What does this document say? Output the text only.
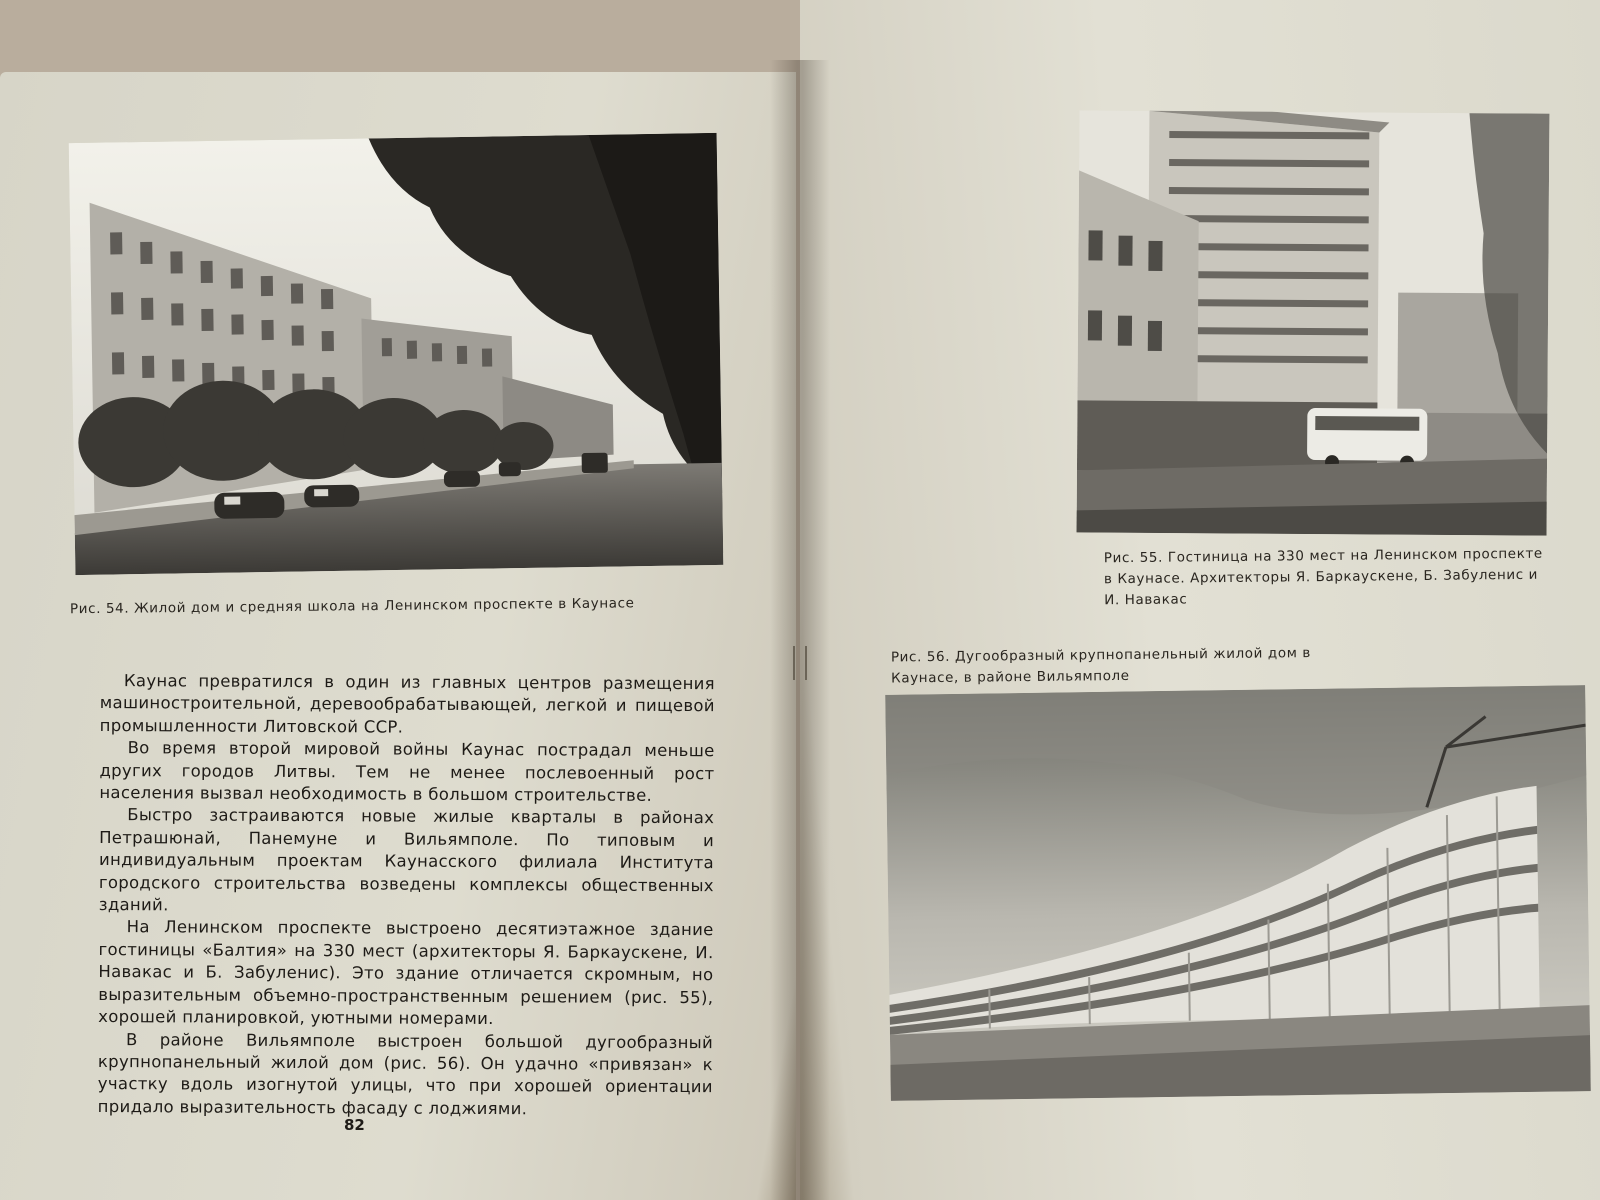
Рис. 54. Жилой дом и средняя школа на Ленинском проспекте в Каунасе

Каунас превратился в один из главных центров размещения машиностроительной, деревообрабатывающей, легкой и пищевой промышленности Литовской ССР.

Во время второй мировой войны Каунас пострадал меньше других городов Литвы. Тем не менее послевоенный рост населения вызвал необходимость в большом строительстве.

Быстро застраиваются новые жилые кварталы в районах Петрашюнай, Панемуне и Вильямполе. По типовым и индивидуальным проектам Каунасского филиала Института городского строительства возведены комплексы общественных зданий.

На Ленинском проспекте выстроено десятиэтажное здание гостиницы «Балтия» на 330 мест (архитекторы Я. Баркаускене, И. Навакас и Б. Забуленис). Это здание отличается скромным, но выразительным объемно-пространственным решением (рис. 55), хорошей планировкой, уютными номерами.

В районе Вильямполе выстроен большой дугообразный крупнопанельный жилой дом (рис. 56). Он удачно «привязан» к участку вдоль изогнутой улицы, что при хорошей ориентации придало выразительность фасаду с лоджиями.

82
Рис. 55. Гостиница на 330 мест на Ленинском проспекте в Каунасе. Архитекторы Я. Баркаускене, Б. Забуленис и И. Навакас
Рис. 56. Дугообразный крупнопанельный жилой дом в Каунасе, в районе Вильямполе
